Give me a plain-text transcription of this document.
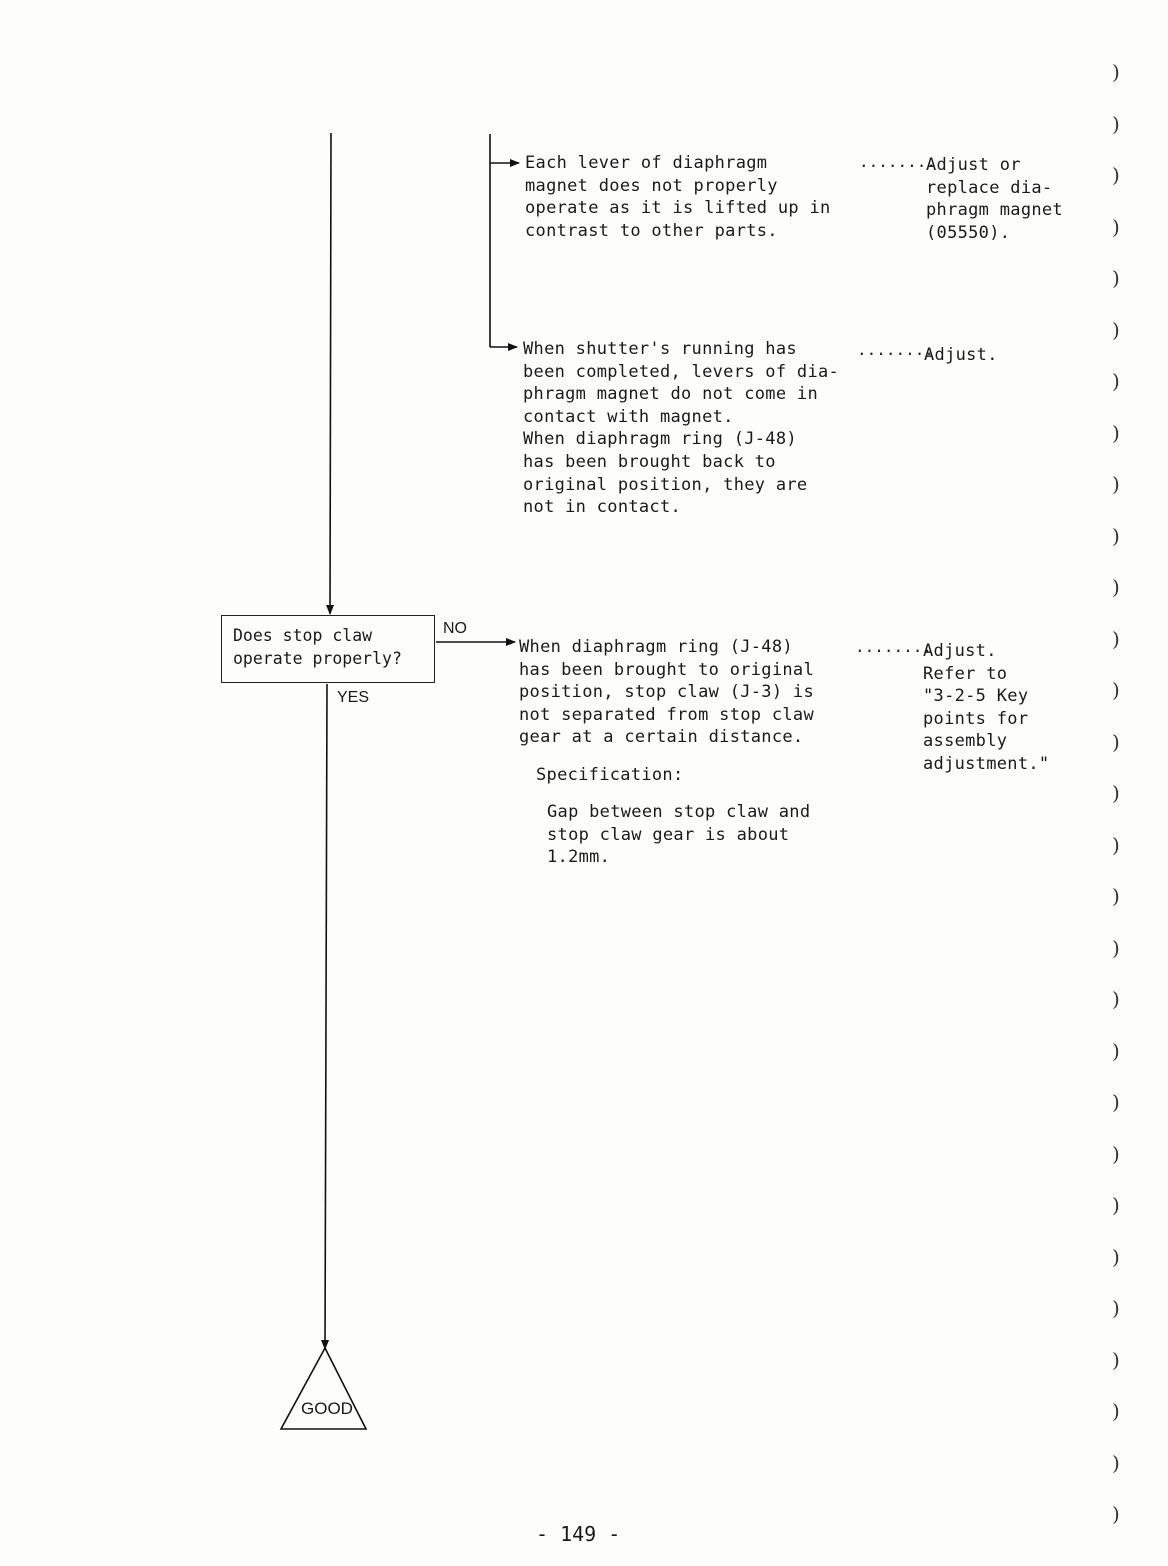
Does stop claw
operate properly?
NO
YES
GOOD
Each lever of diaphragm
magnet does not properly
operate as it is lifted up in
contrast to other parts.
........
Adjust or
replace dia-
phragm magnet
(05550).
When shutter's running has
been completed, levers of dia-
phragm magnet do not come in
contact with magnet.
When diaphragm ring (J-48)
has been brought back to
original position, they are
not in contact.
........
Adjust.
When diaphragm ring (J-48)
has been brought to original
position, stop claw (J-3) is
not separated from stop claw
gear at a certain distance.
Specification:
Gap between stop claw and
stop claw gear is about
1.2mm.
........
Adjust.
Refer to
"3-2-5 Key
points for
assembly
adjustment."
- 149 -
)
)
)
)
)
)
)
)
)
)
)
)
)
)
)
)
)
)
)
)
)
)
)
)
)
)
)
)
)
